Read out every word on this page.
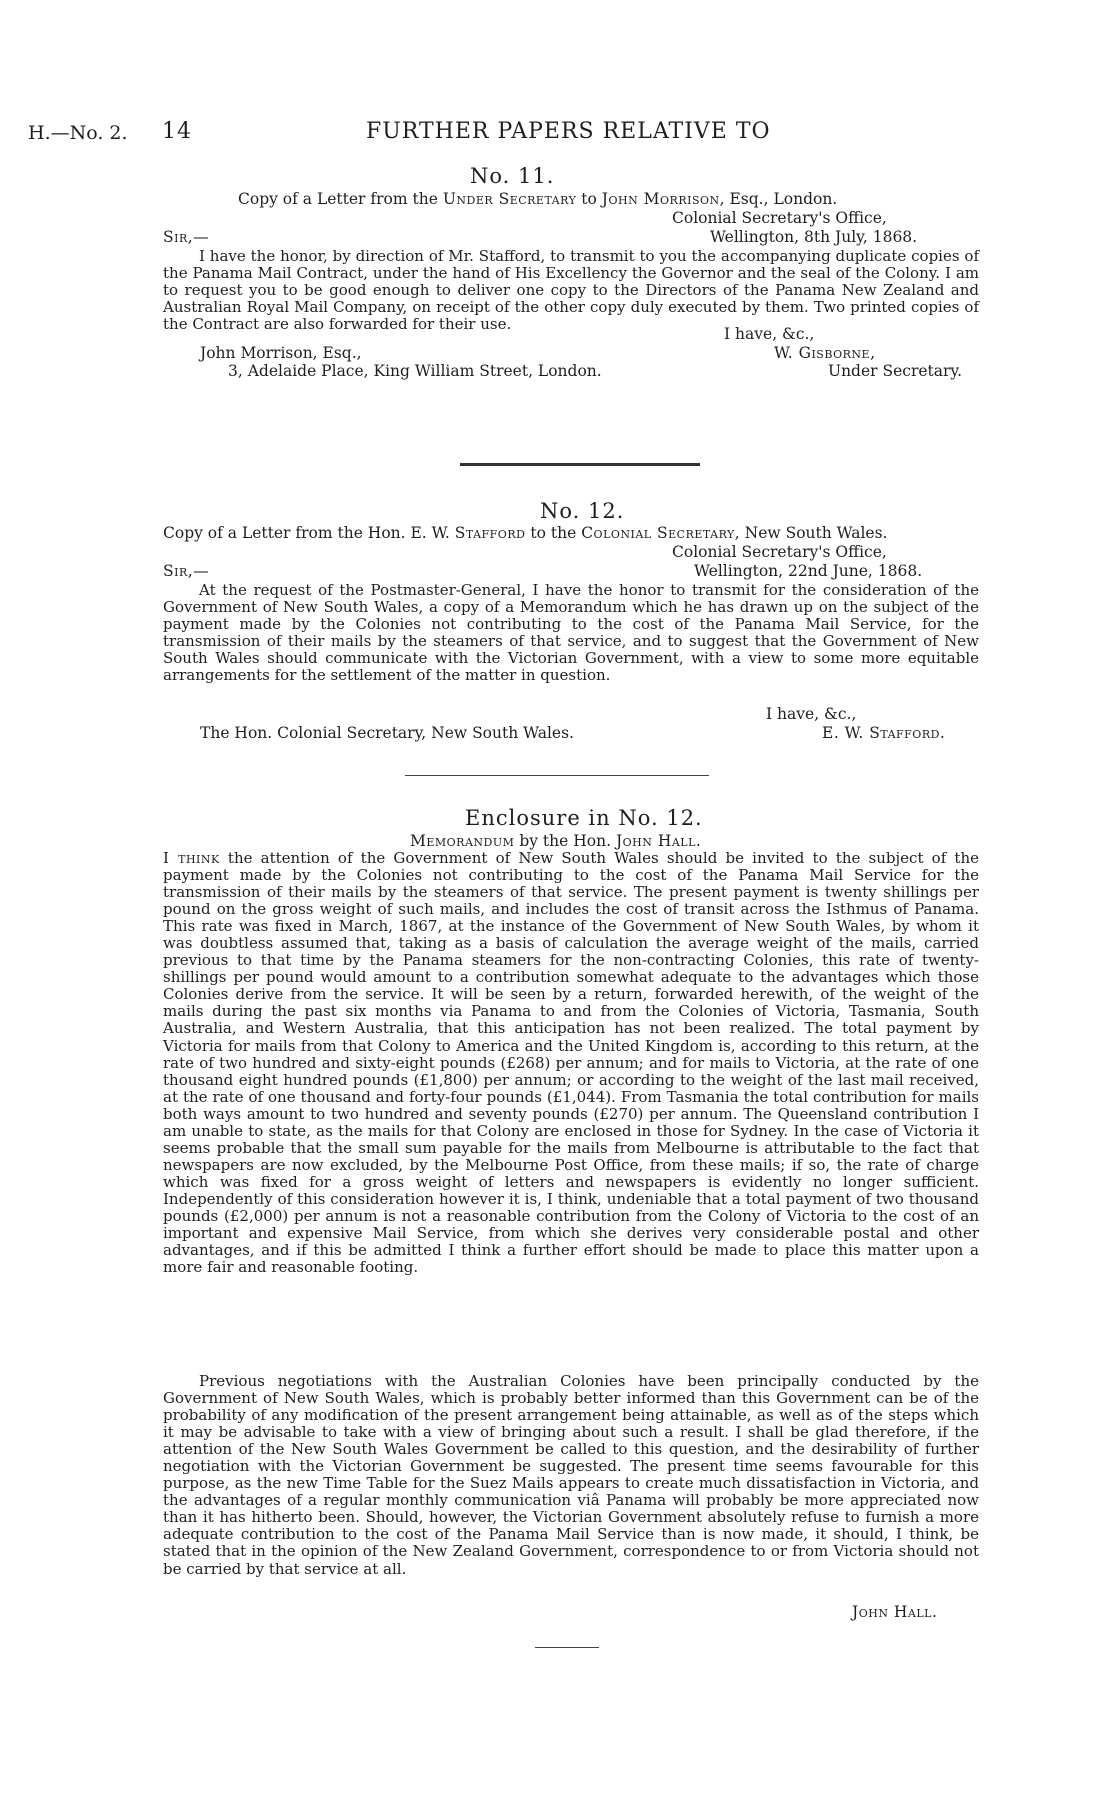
H.—No. 2. 14	FURTHER PAPERS RELATIVE TO
No. 11.
Copy of a Letter from the Under Secretary to John Morrison, Esq., London.
Colonial Secretary's Office,
Sir,—	Wellington, 8th July, 1868.
I have the honor, by direction of Mr. Stafford, to transmit to you the accompanying duplicate copies of the Panama Mail Contract, under the hand of His Excellency the Governor and the seal of the Colony. I am to request you to be good enough to deliver one copy to the Directors of the Panama New Zealand and Australian Royal Mail Company, on receipt of the other copy duly executed by them. Two printed copies of the Contract are also forwarded for their use.
I have, &c.,
John Morrison, Esq.,	W. Gisborne,
3, Adelaide Place, King William Street, London.	Under Secretary.
No. 12.
Copy of a Letter from the Hon. E. W. Stafford to the Colonial Secretary, New South Wales.
Colonial Secretary's Office,
Sir,—	Wellington, 22nd June, 1868.
At the request of the Postmaster-General, I have the honor to transmit for the consideration of the Government of New South Wales, a copy of a Memorandum which he has drawn up on the subject of the payment made by the Colonies not contributing to the cost of the Panama Mail Service, for the transmission of their mails by the steamers of that service, and to suggest that the Government of New South Wales should communicate with the Victorian Government, with a view to some more equitable arrangements for the settlement of the matter in question.
I have, &c.,
The Hon. Colonial Secretary, New South Wales.	E. W. Stafford.
Enclosure in No. 12.
Memorandum by the Hon. John Hall.
I think the attention of the Government of New South Wales should be invited to the subject of the payment made by the Colonies not contributing to the cost of the Panama Mail Service for the transmission of their mails by the steamers of that service. The present payment is twenty shillings per pound on the gross weight of such mails, and includes the cost of transit across the Isthmus of Panama. This rate was fixed in March, 1867, at the instance of the Government of New South Wales, by whom it was doubtless assumed that, taking as a basis of calculation the average weight of the mails, carried previous to that time by the Panama steamers for the non-contracting Colonies, this rate of twenty-shillings per pound would amount to a contribution somewhat adequate to the advantages which those Colonies derive from the service. It will be seen by a return, forwarded herewith, of the weight of the mails during the past six months via Panama to and from the Colonies of Victoria, Tasmania, South Australia, and Western Australia, that this anticipation has not been realized. The total payment by Victoria for mails from that Colony to America and the United Kingdom is, according to this return, at the rate of two hundred and sixty-eight pounds (£268) per annum; and for mails to Victoria, at the rate of one thousand eight hundred pounds (£1,800) per annum; or according to the weight of the last mail received, at the rate of one thousand and forty-four pounds (£1,044). From Tasmania the total contribution for mails both ways amount to two hundred and seventy pounds (£270) per annum. The Queensland contribution I am unable to state, as the mails for that Colony are enclosed in those for Sydney. In the case of Victoria it seems probable that the small sum payable for the mails from Melbourne is attributable to the fact that newspapers are now excluded, by the Melbourne Post Office, from these mails; if so, the rate of charge which was fixed for a gross weight of letters and newspapers is evidently no longer sufficient. Independently of this consideration however it is, I think, undeniable that a total payment of two thousand pounds (£2,000) per annum is not a reasonable contribution from the Colony of Victoria to the cost of an important and expensive Mail Service, from which she derives very considerable postal and other advantages, and if this be admitted I think a further effort should be made to place this matter upon a more fair and reasonable footing.
Previous negotiations with the Australian Colonies have been principally conducted by the Government of New South Wales, which is probably better informed than this Government can be of the probability of any modification of the present arrangement being attainable, as well as of the steps which it may be advisable to take with a view of bringing about such a result. I shall be glad therefore, if the attention of the New South Wales Government be called to this question, and the desirability of further negotiation with the Victorian Government be suggested. The present time seems favourable for this purpose, as the new Time Table for the Suez Mails appears to create much dissatisfaction in Victoria, and the advantages of a regular monthly communication viâ Panama will probably be more appreciated now than it has hitherto been. Should, however, the Victorian Government absolutely refuse to furnish a more adequate contribution to the cost of the Panama Mail Service than is now made, it should, I think, be stated that in the opinion of the New Zealand Government, correspondence to or from Victoria should not be carried by that service at all.
John Hall.
